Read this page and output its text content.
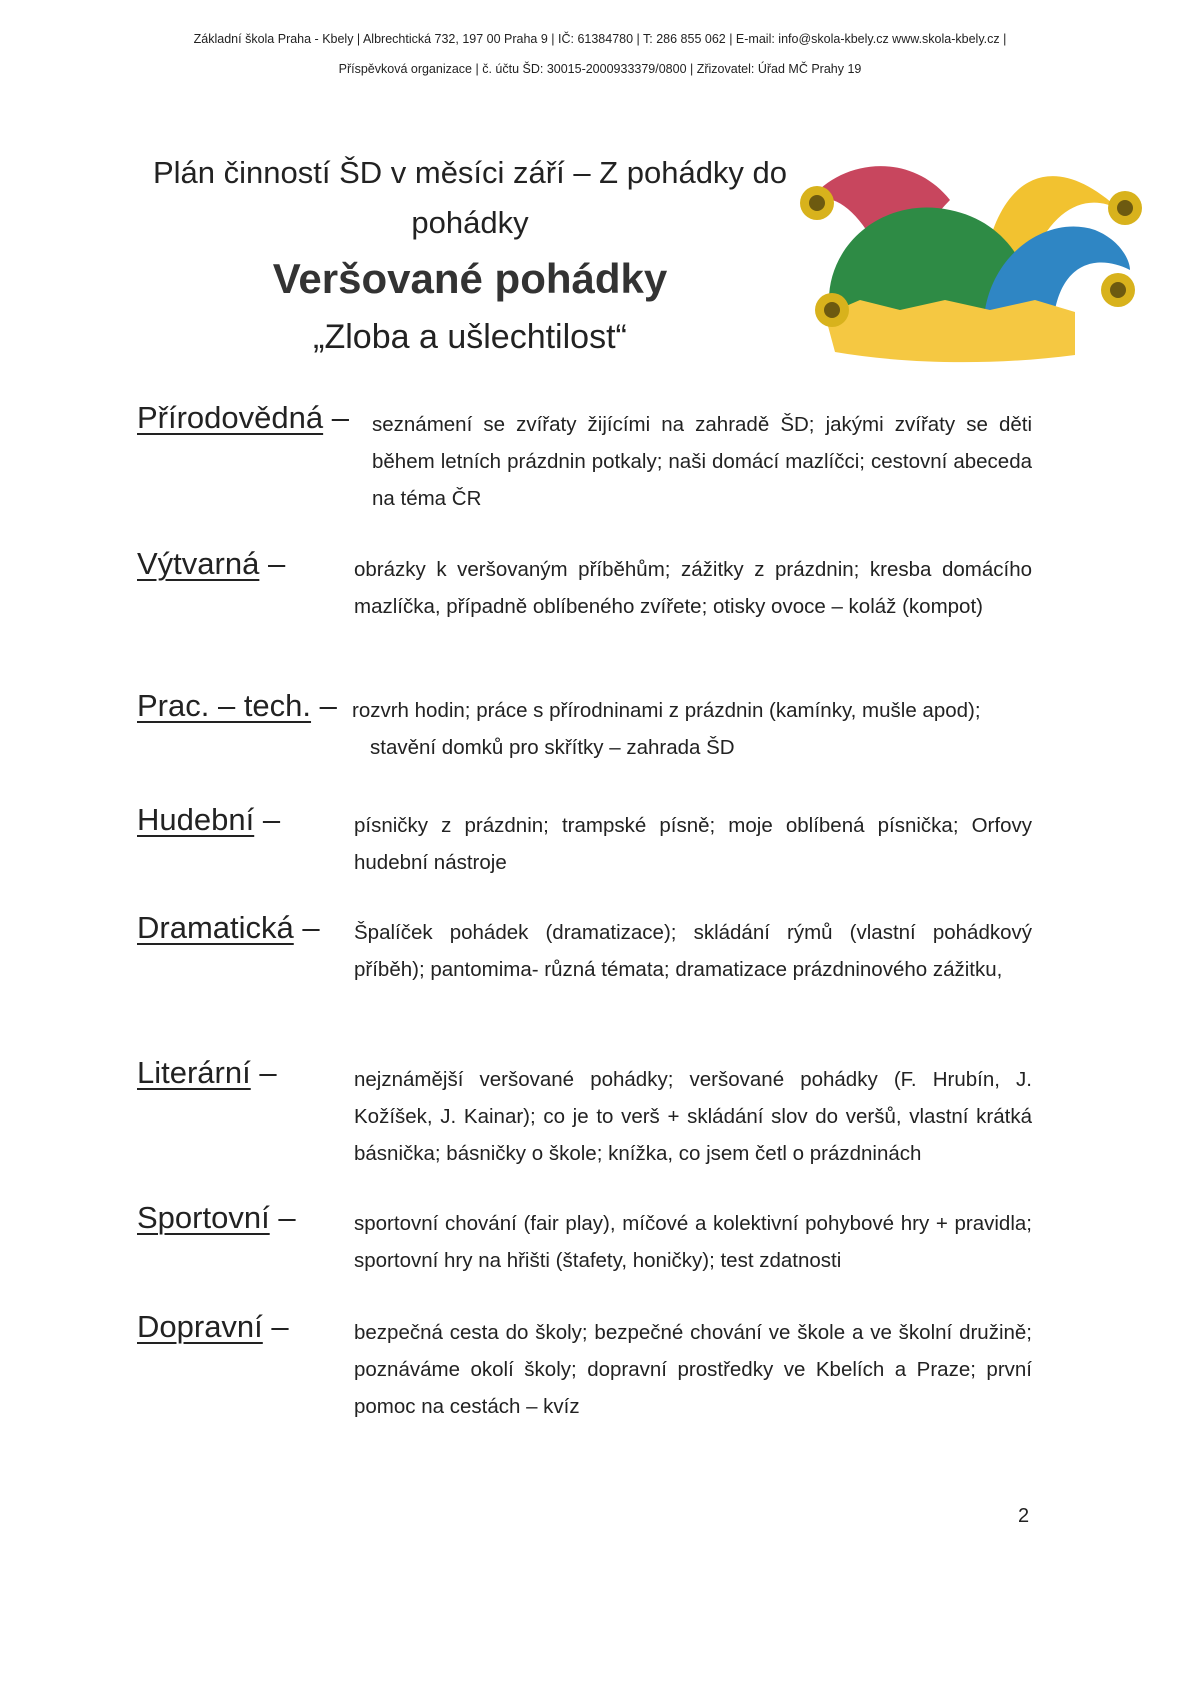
Základní škola Praha - Kbely | Albrechtická 732, 197 00 Praha 9 | IČ: 61384780 | T: 286 855 062 | E-mail: info@skola-kbely.cz www.skola-kbely.cz |
Příspěvková organizace | č. účtu ŠD: 30015-2000933379/0800 | Zřizovatel: Úřad MČ Prahy 19
Plán činností ŠD v měsíci září – Z pohádky do
pohádky
Veršované pohádky
„Zloba a ušlechtilost“
Přírodovědná – seznámení se zvířaty žijícími na zahradě ŠD; jakými zvířaty se děti během letních prázdnin potkaly; naši domácí mazlíčci; cestovní abeceda na téma ČR
Výtvarná –	obrázky k veršovaným příběhům; zážitky z prázdnin; kresba domácího mazlíčka, případně oblíbeného zvířete; otisky ovoce – koláž (kompot)
Prac. – tech. – rozvrh hodin; práce s přírodninami z prázdnin (kamínky, mušle apod);
stavění domků pro skřítky – zahrada ŠD
Hudební –	písničky z prázdnin; trampské písně; moje oblíbená písnička; Orfovy hudební nástroje
Dramatická – Špalíček pohádek (dramatizace); skládání rýmů (vlastní pohádkový příběh); pantomima- různá témata; dramatizace prázdninového zážitku,
Literární –	nejznámější veršované pohádky; veršované pohádky (F. Hrubín, J. Kožíšek, J. Kainar); co je to verš + skládání slov do veršů, vlastní krátká básnička; básničky o škole; knížka, co jsem četl o prázdninách
Sportovní –	sportovní chování (fair play), míčové a kolektivní pohybové hry + pravidla; sportovní hry na hřišti (štafety, honičky); test zdatnosti
Dopravní –	bezpečná cesta do školy; bezpečné chování ve škole a ve školní družině; poznáváme okolí školy; dopravní prostředky ve Kbelích a Praze; první pomoc na cestách – kvíz
2
